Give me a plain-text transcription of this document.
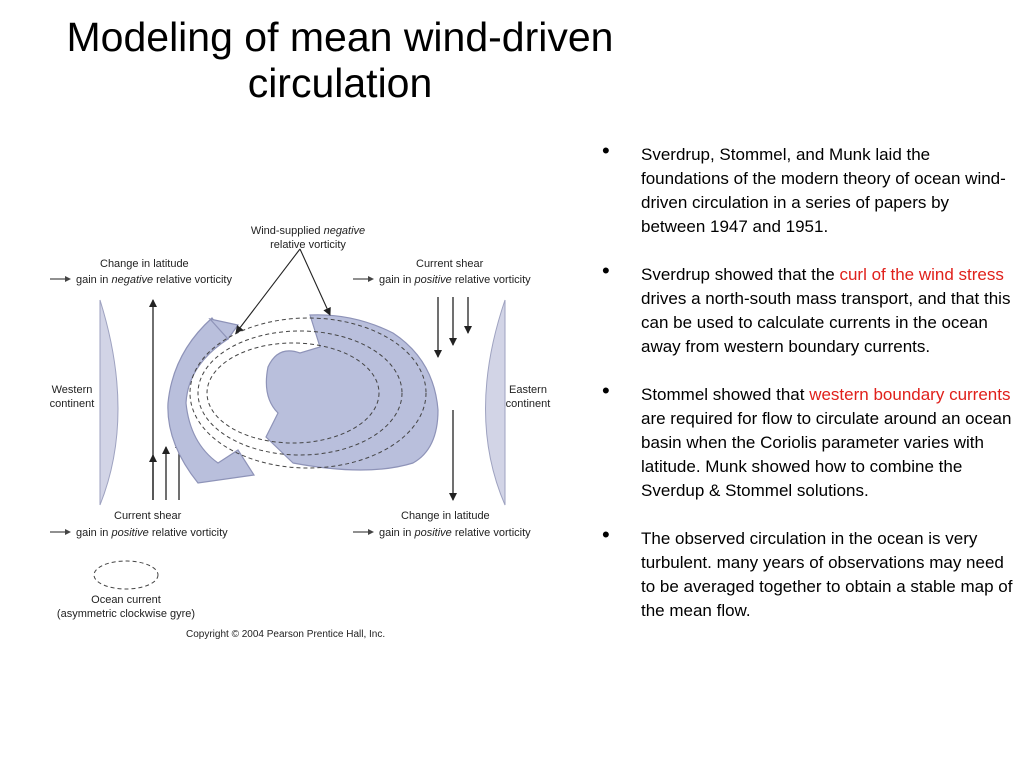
Modeling of mean wind-driven
circulation
Wind-supplied negative
relative vorticity
Change in latitude
gain in negative relative vorticity
Current shear
gain in positive relative vorticity
Western
continent
Eastern
continent
Current shear
gain in positive relative vorticity
Change in latitude
gain in positive relative vorticity
Ocean current
(asymmetric clockwise gyre)
Copyright © 2004 Pearson Prentice Hall, Inc.
• Sverdrup, Stommel, and Munk laid the foundations of the modern theory of ocean wind-driven circulation in a series of papers by between 1947 and 1951.
• Sverdrup showed that the curl of the wind stress drives a north-south mass transport, and that this can be used to calculate currents in the ocean away from western boundary currents.
• Stommel showed that western boundary currents are required for flow to circulate around an ocean basin when the Coriolis parameter varies with latitude. Munk showed how to combine the Sverdup & Stommel solutions.
• The observed circulation in the ocean is very turbulent. many years of observations may need to be averaged together to obtain a stable map of the mean flow.
